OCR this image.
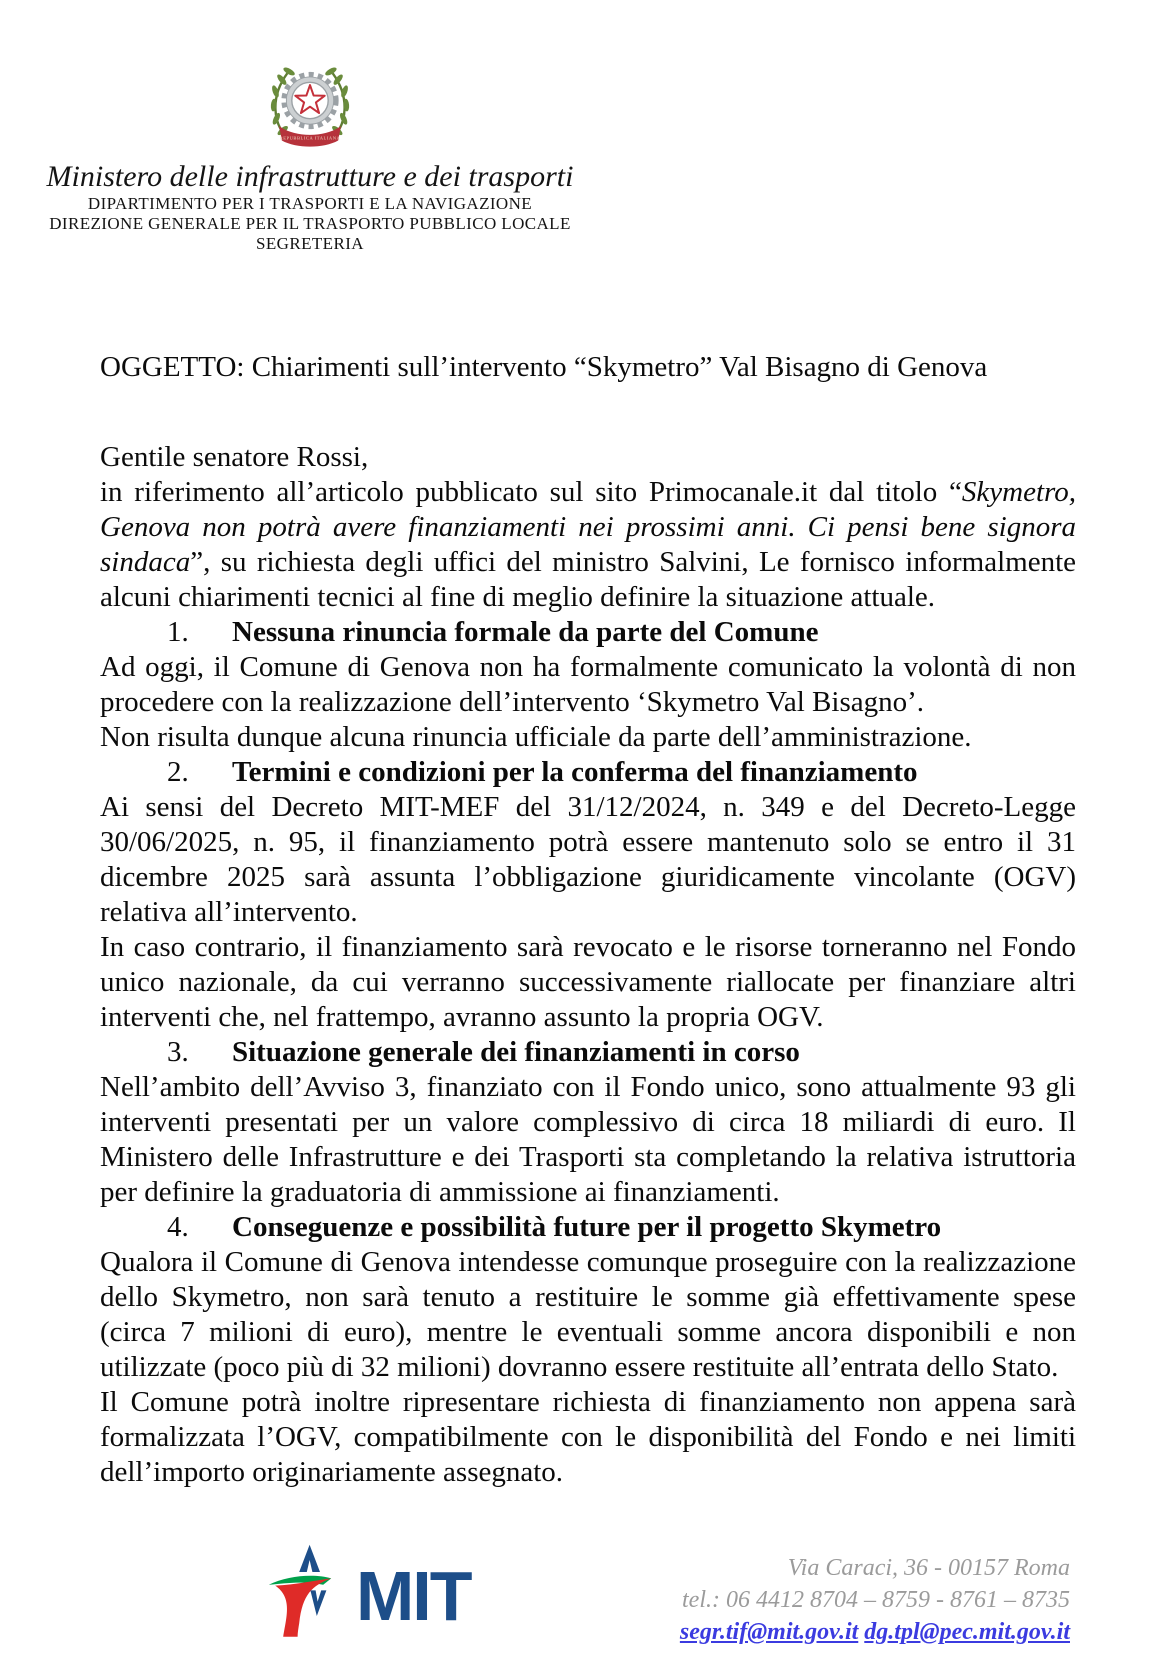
REPUBBLICA ITALIANA
Ministero delle infrastrutture e dei trasporti
DIPARTIMENTO PER I TRASPORTI E LA NAVIGAZIONE
DIREZIONE GENERALE PER IL TRASPORTO PUBBLICO LOCALE
SEGRETERIA

OGGETTO: Chiarimenti sull’intervento “Skymetro” Val Bisagno di Genova

Gentile senatore Rossi,

in riferimento all’articolo pubblicato sul sito Primocanale.it dal titolo “Skymetro, Genova non potrà avere finanziamenti nei prossimi anni. Ci pensi bene signora sindaca”, su richiesta degli uffici del ministro Salvini, Le fornisco informalmente alcuni chiarimenti tecnici al fine di meglio definire la situazione attuale.

1. Nessuna rinuncia formale da parte del Comune

Ad oggi, il Comune di Genova non ha formalmente comunicato la volontà di non procedere con la realizzazione dell’intervento ‘Skymetro Val Bisagno’.

Non risulta dunque alcuna rinuncia ufficiale da parte dell’amministrazione.

2. Termini e condizioni per la conferma del finanziamento

Ai sensi del Decreto MIT-MEF del 31/12/2024, n. 349 e del Decreto-Legge 30/06/2025, n. 95, il finanziamento potrà essere mantenuto solo se entro il 31 dicembre 2025 sarà assunta l’obbligazione giuridicamente vincolante (OGV) relativa all’intervento.

In caso contrario, il finanziamento sarà revocato e le risorse torneranno nel Fondo unico nazionale, da cui verranno successivamente riallocate per finanziare altri interventi che, nel frattempo, avranno assunto la propria OGV.

3. Situazione generale dei finanziamenti in corso

Nell’ambito dell’Avviso 3, finanziato con il Fondo unico, sono attualmente 93 gli interventi presentati per un valore complessivo di circa 18 miliardi di euro. Il Ministero delle Infrastrutture e dei Trasporti sta completando la relativa istruttoria per definire la graduatoria di ammissione ai finanziamenti.

4. Conseguenze e possibilità future per il progetto Skymetro

Qualora il Comune di Genova intendesse comunque proseguire con la realizzazione dello Skymetro, non sarà tenuto a restituire le somme già effettivamente spese (circa 7 milioni di euro), mentre le eventuali somme ancora disponibili e non utilizzate (poco più di 32 milioni) dovranno essere restituite all’entrata dello Stato.

Il Comune potrà inoltre ripresentare richiesta di finanziamento non appena sarà formalizzata l’OGV, compatibilmente con le disponibilità del Fondo e nei limiti dell’importo originariamente assegnato.

MIT	Via Caraci, 36 - 00157 Roma
tel.: 06 4412 8704 – 8759 - 8761 – 8735
segr.tif@mit.gov.it dg.tpl@pec.mit.gov.it
